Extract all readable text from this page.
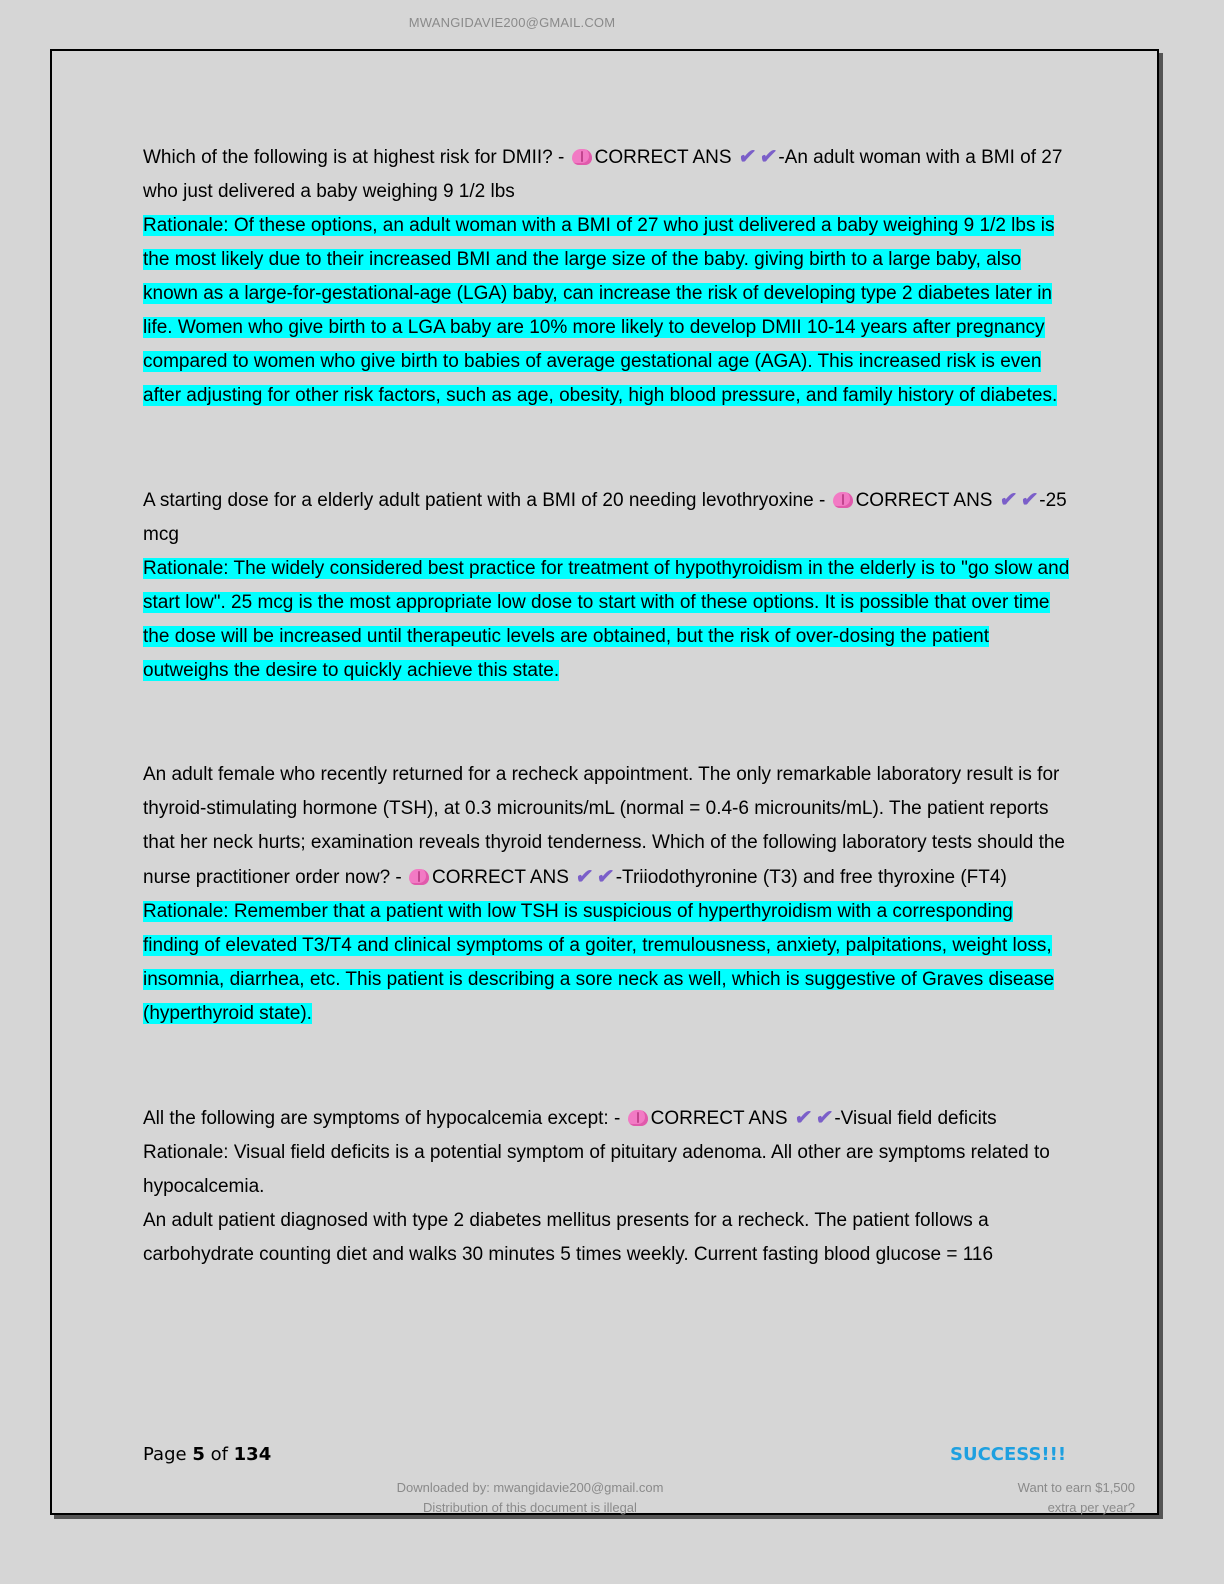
MWANGIDAVIE200@GMAIL.COM

Which of the following is at highest risk for DMII? - CORRECT ANS ✔✔-An adult woman with a BMI of 27 who just delivered a baby weighing 9 1/2 lbs

Rationale: Of these options, an adult woman with a BMI of 27 who just delivered a baby weighing 9 1/2 lbs is the most likely due to their increased BMI and the large size of the baby. giving birth to a large baby, also known as a large-for-gestational-age (LGA) baby, can increase the risk of developing type 2 diabetes later in life. Women who give birth to a LGA baby are 10% more likely to develop DMII 10-14 years after pregnancy compared to women who give birth to babies of average gestational age (AGA). This increased risk is even after adjusting for other risk factors, such as age, obesity, high blood pressure, and family history of diabetes.

A starting dose for a elderly adult patient with a BMI of 20 needing levothryoxine - CORRECT ANS ✔✔-25 mcg

Rationale: The widely considered best practice for treatment of hypothyroidism in the elderly is to "go slow and start low". 25 mcg is the most appropriate low dose to start with of these options. It is possible that over time the dose will be increased until therapeutic levels are obtained, but the risk of over-dosing the patient outweighs the desire to quickly achieve this state.

An adult female who recently returned for a recheck appointment. The only remarkable laboratory result is for thyroid-stimulating hormone (TSH), at 0.3 microunits/mL (normal = 0.4-6 microunits/mL). The patient reports that her neck hurts; examination reveals thyroid tenderness. Which of the following laboratory tests should the nurse practitioner order now? - CORRECT ANS ✔✔-Triiodothyronine (T3) and free thyroxine (FT4)

Rationale: Remember that a patient with low TSH is suspicious of hyperthyroidism with a corresponding finding of elevated T3/T4 and clinical symptoms of a goiter, tremulousness, anxiety, palpitations, weight loss, insomnia, diarrhea, etc. This patient is describing a sore neck as well, which is suggestive of Graves disease (hyperthyroid state).

All the following are symptoms of hypocalcemia except: - CORRECT ANS ✔✔-Visual field deficits

Rationale: Visual field deficits is a potential symptom of pituitary adenoma. All other are symptoms related to hypocalcemia.

An adult patient diagnosed with type 2 diabetes mellitus presents for a recheck. The patient follows a carbohydrate counting diet and walks 30 minutes 5 times weekly. Current fasting blood glucose = 116

Page 5 of 134	SUCCESS!!!
Downloaded by: mwangidavie200@gmail.com
Distribution of this document is illegal
Want to earn $1,500
extra per year?
